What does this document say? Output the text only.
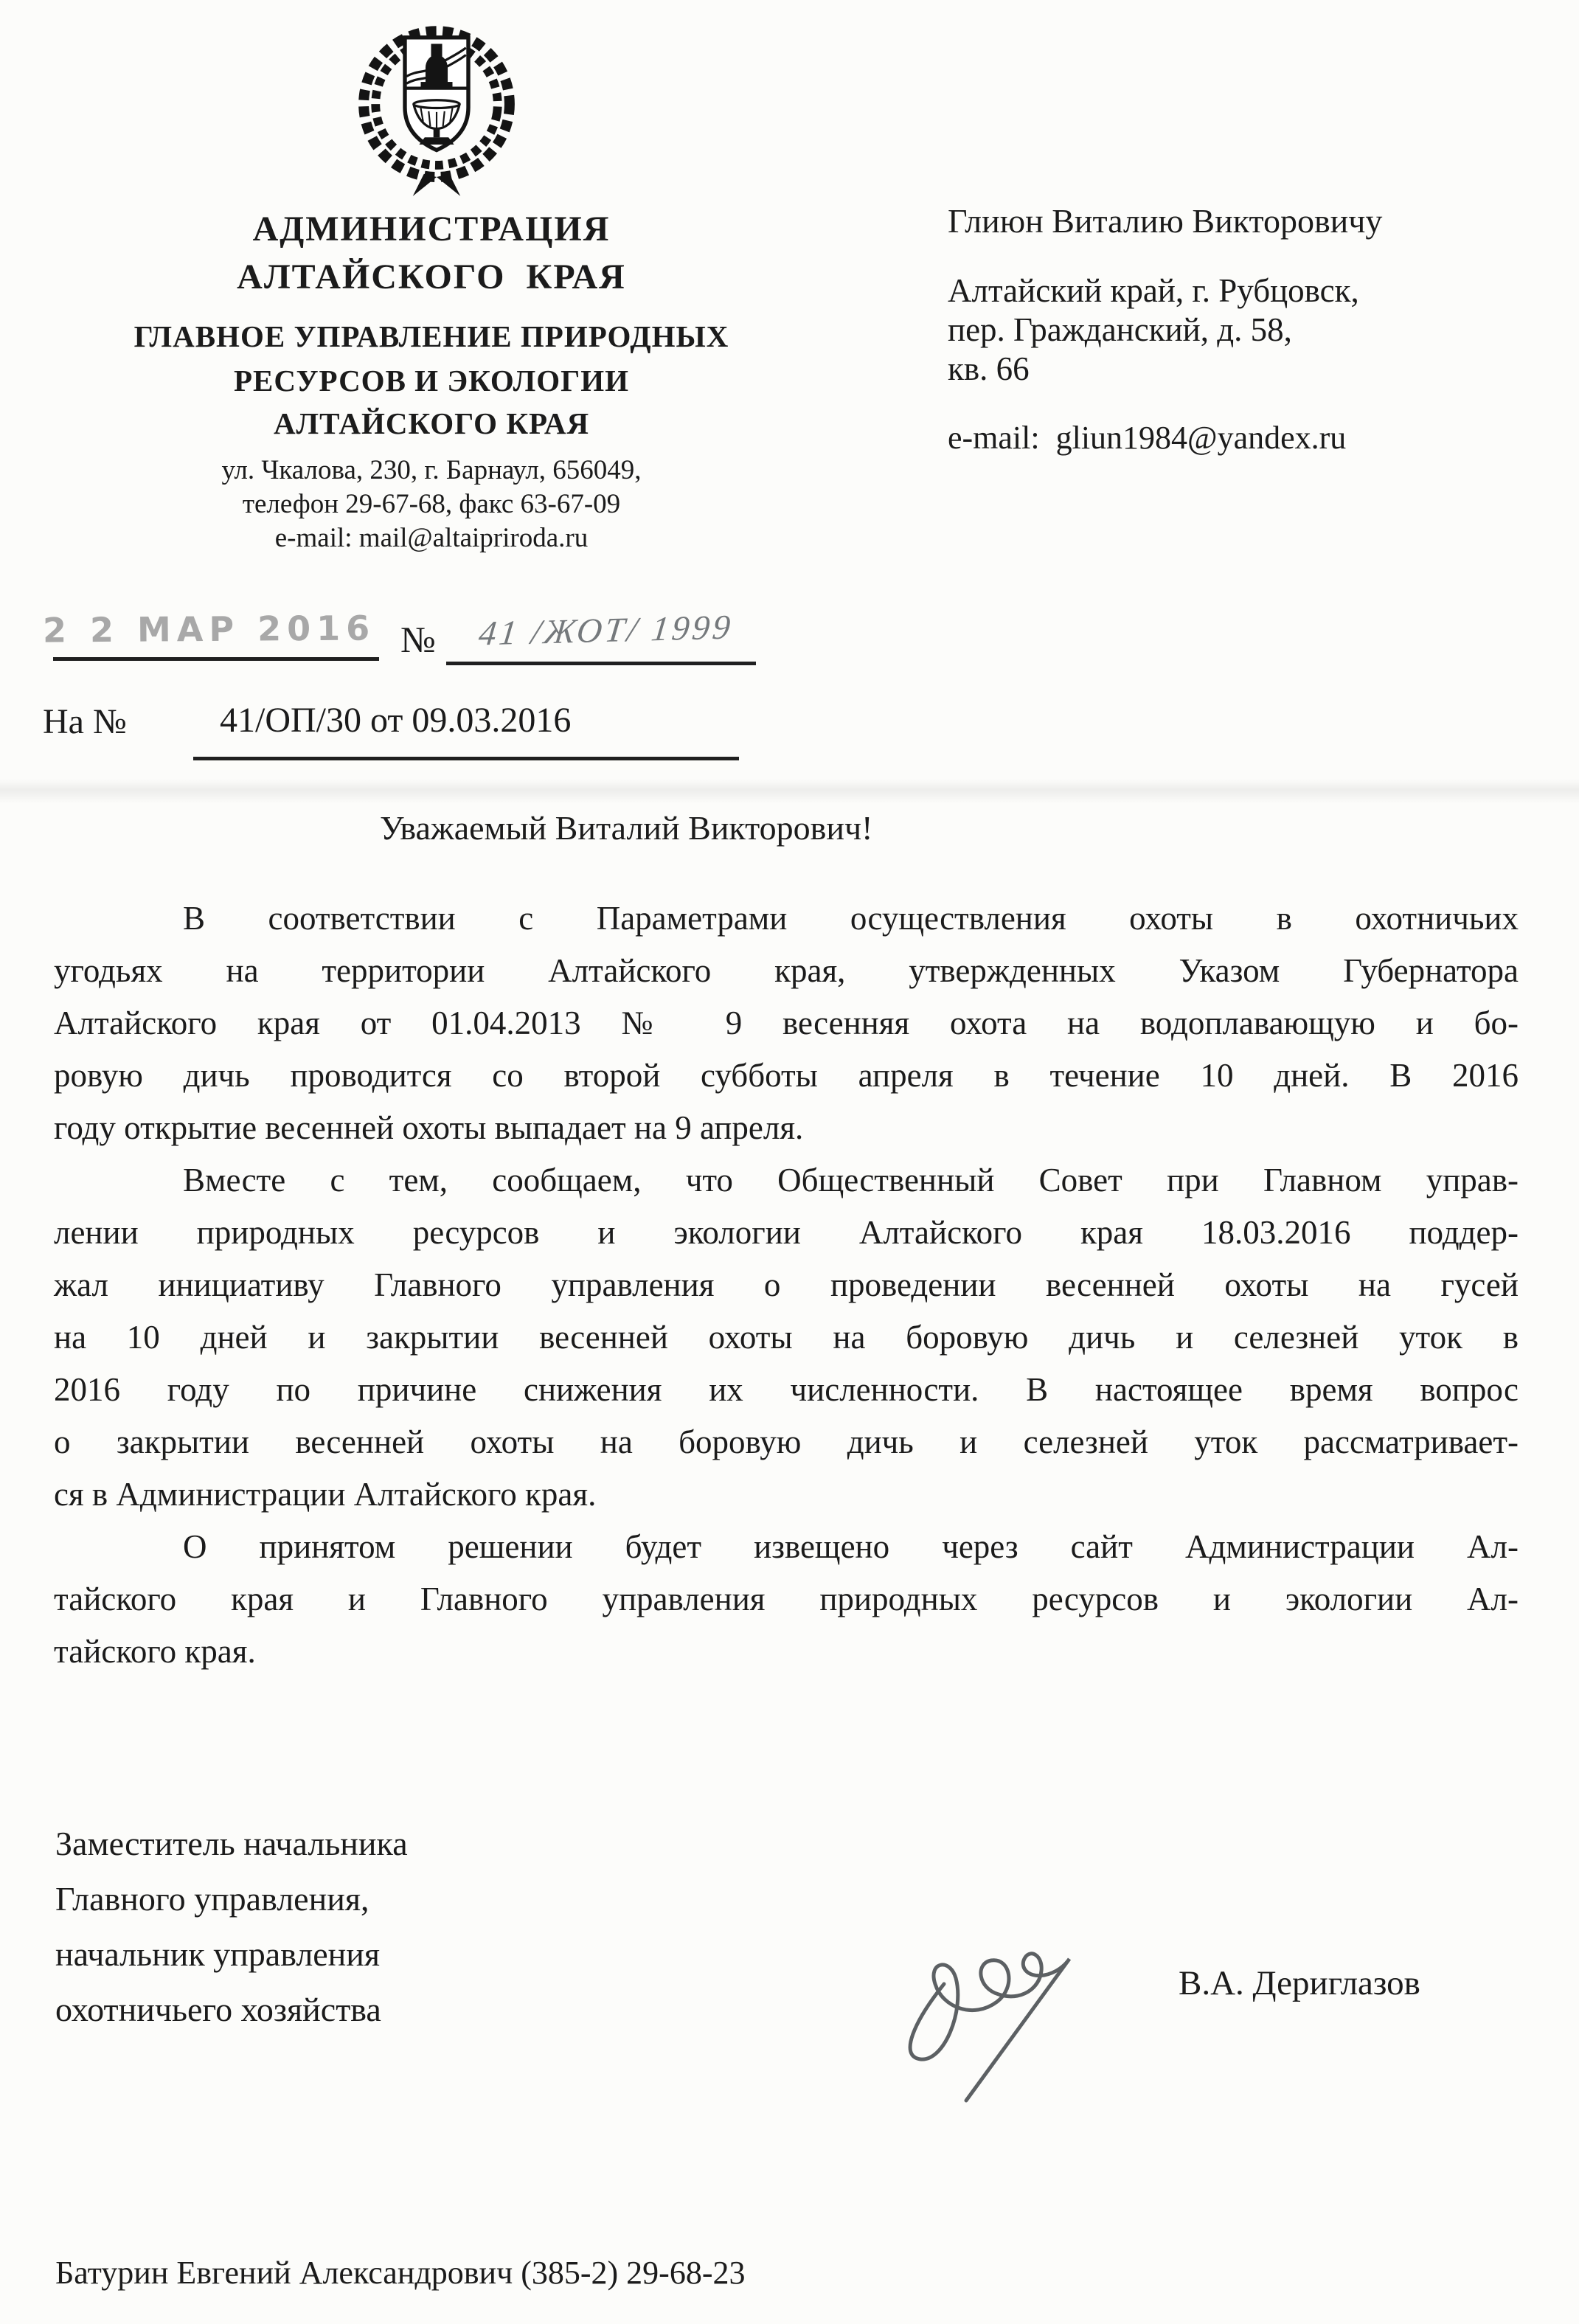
АДМИНИСТРАЦИЯ
АЛТАЙСКОГО  КРАЯ
ГЛАВНОЕ УПРАВЛЕНИЕ ПРИРОДНЫХ
РЕСУРСОВ И ЭКОЛОГИИ
АЛТАЙСКОГО КРАЯ
ул. Чкалова, 230, г. Барнаул, 656049,
телефон 29-67-68, факс 63-67-09
e-mail: mail@altaipriroda.ru
Глиюн Виталию Викторовичу
Алтайский край, г. Рубцовск,
пер. Гражданский, д. 58,
кв. 66
e-mail:  gliun1984@yandex.ru
2 2 МАР 2016 № 41 /ЖОТ/ 1999
На №	41/ОП/30 от 09.03.2016
Уважаемый Виталий Викторович!
В соответствии с Параметрами осуществления охоты в охотничьих
угодьях на территории Алтайского края, утвержденных Указом Губернатора
Алтайского края от 01.04.2013 № 9 весенняя охота на водоплавающую и бо-
ровую дичь проводится со второй субботы апреля в течение 10 дней. В 2016
году открытие весенней охоты выпадает на 9 апреля.
Вместе с тем, сообщаем, что Общественный Совет при Главном управ-
лении природных ресурсов и экологии Алтайского края 18.03.2016 поддер-
жал инициативу Главного управления о проведении весенней охоты на гусей
на 10 дней и закрытии весенней охоты на боровую дичь и селезней уток в
2016 году по причине снижения их численности. В настоящее время вопрос
о закрытии весенней охоты на боровую дичь и селезней уток рассматривает-
ся в Администрации Алтайского края.
О принятом решении будет извещено через сайт Администрации Ал-
тайского края и Главного управления природных ресурсов и экологии Ал-
тайского края.
Заместитель начальника
Главного управления,
начальник управления
охотничьего хозяйства
В.А. Дериглазов
Батурин Евгений Александрович (385-2) 29-68-23
